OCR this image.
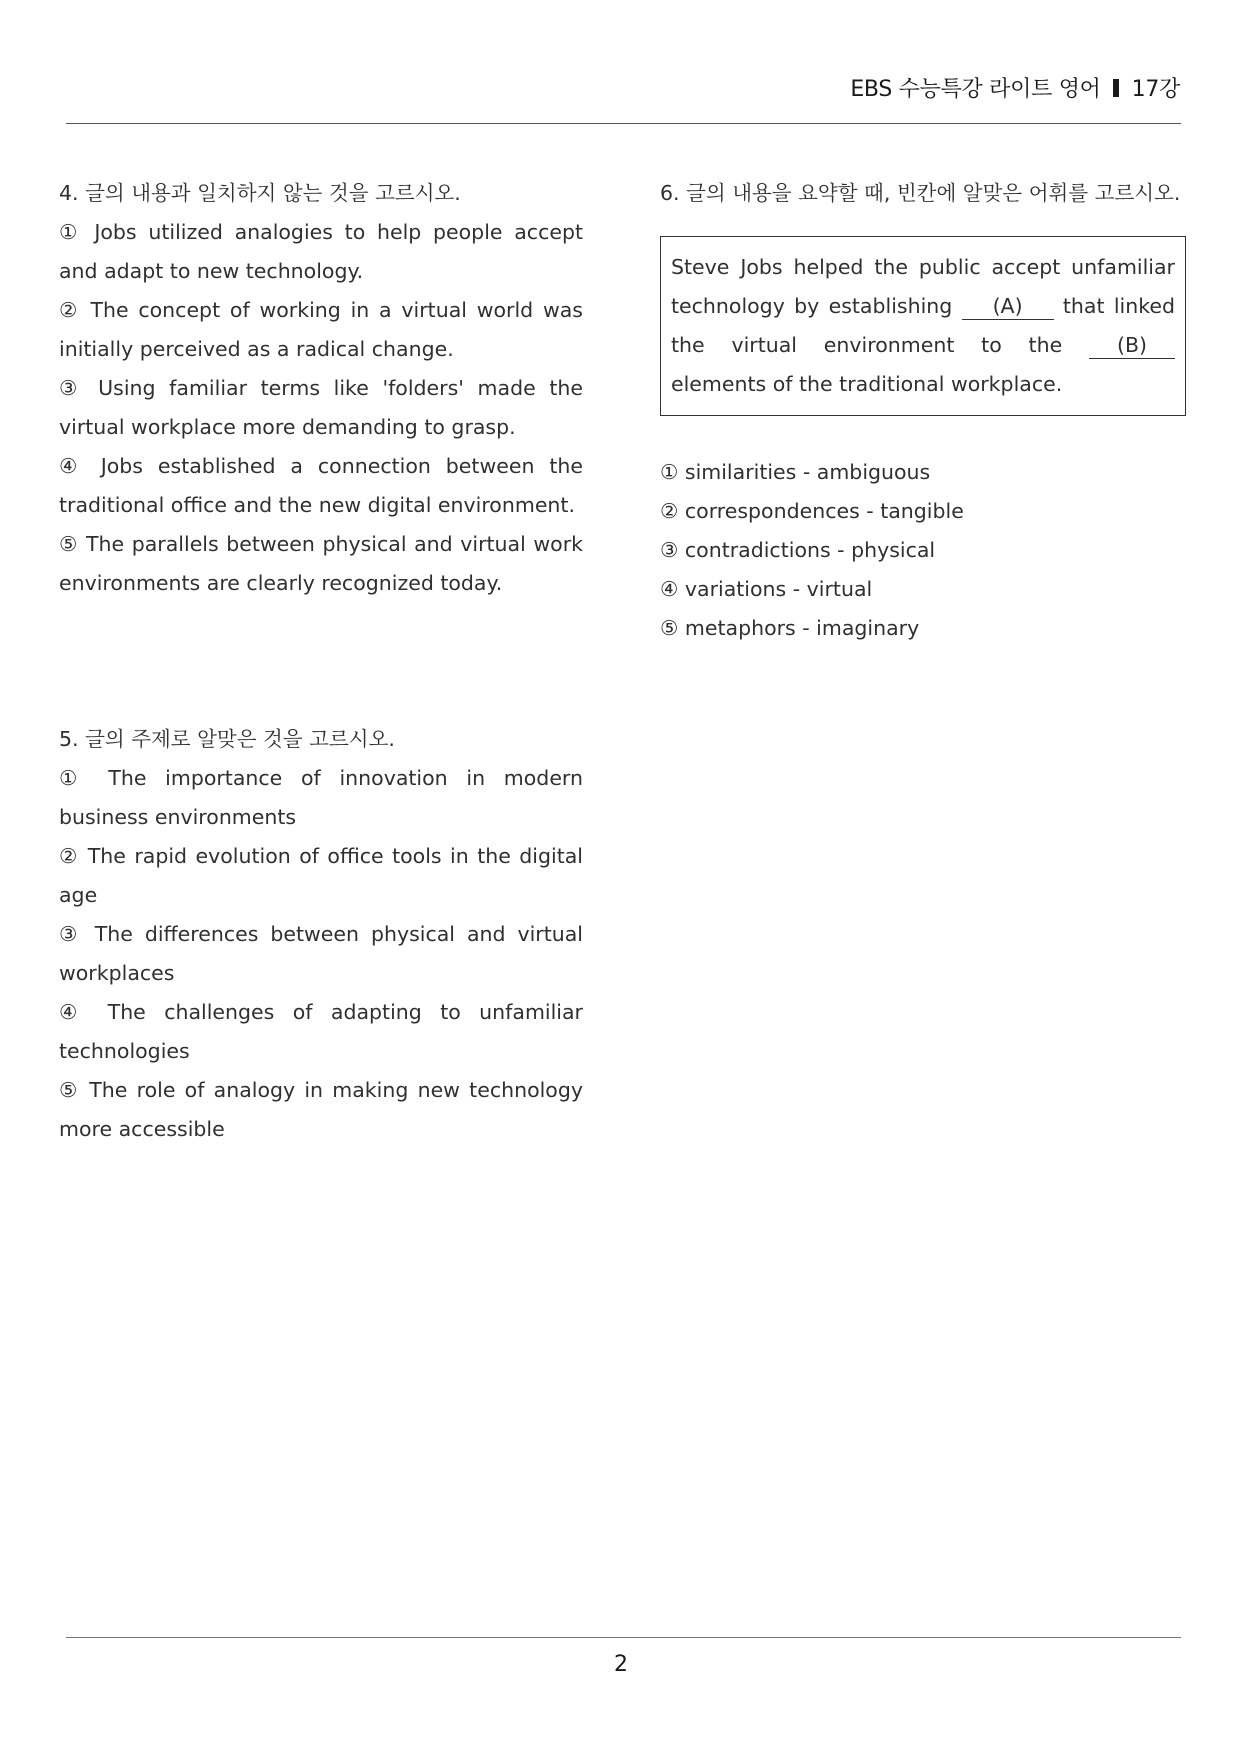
EBS 수능특강 라이트 영어 17강

4. 글의 내용과 일치하지 않는 것을 고르시오.

① Jobs utilized analogies to help people accept and adapt to new technology.

② The concept of working in a virtual world was initially perceived as a radical change.

③ Using familiar terms like 'folders' made the virtual workplace more demanding to grasp.

④ Jobs established a connection between the traditional office and the new digital environment.

⑤ The parallels between physical and virtual work environments are clearly recognized today.

5. 글의 주제로 알맞은 것을 고르시오.

① The importance of innovation in modern business environments

② The rapid evolution of office tools in the digital age

③ The differences between physical and virtual workplaces

④ The challenges of adapting to unfamiliar technologies

⑤ The role of analogy in making new technology more accessible

6. 글의 내용을 요약할 때, 빈칸에 알맞은 어휘를 고르시오.

Steve Jobs helped the public accept unfamiliar technology by establishing (A) that linked the virtual environment to the (B) elements of the traditional workplace.

① similarities - ambiguous

② correspondences - tangible

③ contradictions - physical

④ variations - virtual

⑤ metaphors - imaginary

2
